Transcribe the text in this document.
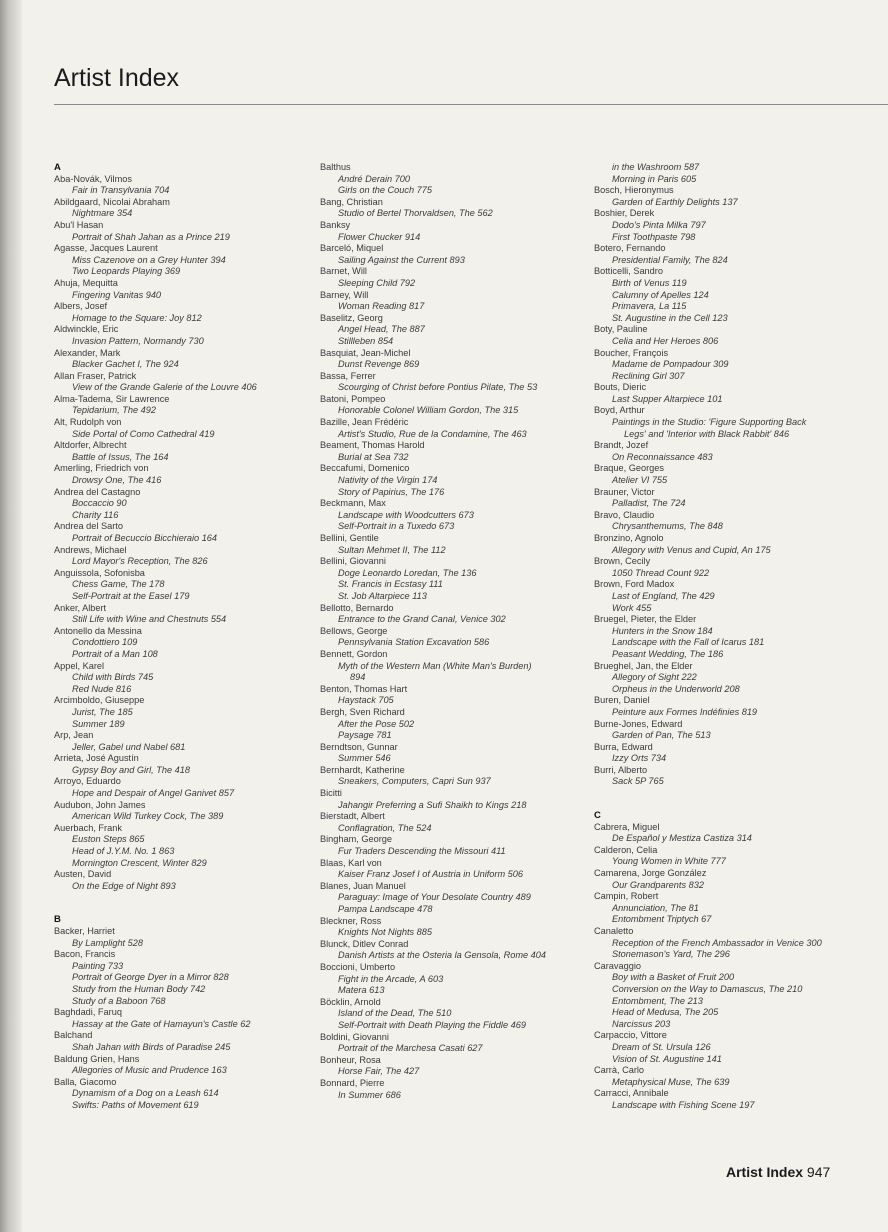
Artist Index
A
Aba-Novák, Vilmos
Fair in Transylvania 704
Abildgaard, Nicolai Abraham
Nightmare 354
Abu'l Hasan
Portrait of Shah Jahan as a Prince 219
Agasse, Jacques Laurent
Miss Cazenove on a Grey Hunter 394
Two Leopards Playing 369
Ahuja, Mequitta
Fingering Vanitas 940
Albers, Josef
Homage to the Square: Joy 812
Aldwinckle, Eric
Invasion Pattern, Normandy 730
Alexander, Mark
Blacker Gachet I, The 924
Allan Fraser, Patrick
View of the Grande Galerie of the Louvre 406
Alma-Tadema, Sir Lawrence
Tepidarium, The 492
Alt, Rudolph von
Side Portal of Como Cathedral 419
Altdorfer, Albrecht
Battle of Issus, The 164
Amerling, Friedrich von
Drowsy One, The 416
Andrea del Castagno
Boccaccio 90
Charity 116
Andrea del Sarto
Portrait of Becuccio Bicchieraio 164
Andrews, Michael
Lord Mayor's Reception, The 826
Anguissola, Sofonisba
Chess Game, The 178
Self-Portrait at the Easel 179
Anker, Albert
Still Life with Wine and Chestnuts 554
Antonello da Messina
Condottiero 109
Portrait of a Man 108
Appel, Karel
Child with Birds 745
Red Nude 816
Arcimboldo, Giuseppe
Jurist, The 185
Summer 189
Arp, Jean
Jeller, Gabel und Nabel 681
Arrieta, José Agustín
Gypsy Boy and Girl, The 418
Arroyo, Eduardo
Hope and Despair of Angel Ganivet 857
Audubon, John James
American Wild Turkey Cock, The 389
Auerbach, Frank
Euston Steps 865
Head of J.Y.M. No. 1 863
Mornington Crescent, Winter 829
Austen, David
On the Edge of Night 893
B
Backer, Harriet
By Lamplight 528
Bacon, Francis
Painting 733
Portrait of George Dyer in a Mirror 828
Study from the Human Body 742
Study of a Baboon 768
Baghdadi, Faruq
Hassay at the Gate of Hamayun's Castle 62
Balchand
Shah Jahan with Birds of Paradise 245
Baldung Grien, Hans
Allegories of Music and Prudence 163
Balla, Giacomo
Dynamism of a Dog on a Leash 614
Swifts: Paths of Movement 619
Balthus
André Derain 700
Girls on the Couch 775
Bang, Christian
Studio of Bertel Thorvaldsen, The 562
Banksy
Flower Chucker 914
Barceló, Miquel
Sailing Against the Current 893
Barnet, Will
Sleeping Child 792
Barney, Will
Woman Reading 817
Baselitz, Georg
Angel Head, The 887
Stillleben 854
Basquiat, Jean-Michel
Dunst Revenge 869
Bassa, Ferrer
Scourging of Christ before Pontius Pilate, The 53
Batoni, Pompeo
Honorable Colonel William Gordon, The 315
Bazille, Jean Frédéric
Artist's Studio, Rue de la Condamine, The 463
Beament, Thomas Harold
Burial at Sea 732
Beccafumi, Domenico
Nativity of the Virgin 174
Story of Papirius, The 176
Beckmann, Max
Landscape with Woodcutters 673
Self-Portrait in a Tuxedo 673
Bellini, Gentile
Sultan Mehmet II, The 112
Bellini, Giovanni
Doge Leonardo Loredan, The 136
St. Francis in Ecstasy 111
St. Job Altarpiece 113
Bellotto, Bernardo
Entrance to the Grand Canal, Venice 302
Bellows, George
Pennsylvania Station Excavation 586
Bennett, Gordon
Myth of the Western Man (White Man's Burden)
894
Benton, Thomas Hart
Haystack 705
Bergh, Sven Richard
After the Pose 502
Paysage 781
Berndtson, Gunnar
Summer 546
Bernhardt, Katherine
Sneakers, Computers, Capri Sun 937
Bicitti
Jahangir Preferring a Sufi Shaikh to Kings 218
Bierstadt, Albert
Conflagration, The 524
Bingham, George
Fur Traders Descending the Missouri 411
Blaas, Karl von
Kaiser Franz Josef I of Austria in Uniform 506
Blanes, Juan Manuel
Paraguay: Image of Your Desolate Country 489
Pampa Landscape 478
Bleckner, Ross
Knights Not Nights 885
Blunck, Ditlev Conrad
Danish Artists at the Osteria la Gensola, Rome 404
Boccioni, Umberto
Fight in the Arcade, A 603
Matera 613
Böcklin, Arnold
Island of the Dead, The 510
Self-Portrait with Death Playing the Fiddle 469
Boldini, Giovanni
Portrait of the Marchesa Casati 627
Bonheur, Rosa
Horse Fair, The 427
Bonnard, Pierre
In Summer 686
in the Washroom 587
Morning in Paris 605
Bosch, Hieronymus
Garden of Earthly Delights 137
Boshier, Derek
Dodo's Pinta Milka 797
First Toothpaste 798
Botero, Fernando
Presidential Family, The 824
Botticelli, Sandro
Birth of Venus 119
Calumny of Apelles 124
Primavera, La 115
St. Augustine in the Cell 123
Boty, Pauline
Celia and Her Heroes 806
Boucher, François
Madame de Pompadour 309
Reclining Girl 307
Bouts, Dieric
Last Supper Altarpiece 101
Boyd, Arthur
Paintings in the Studio: 'Figure Supporting Back
Legs' and 'Interior with Black Rabbit' 846
Brandt, Jozef
On Reconnaissance 483
Braque, Georges
Atelier VI 755
Brauner, Victor
Palladist, The 724
Bravo, Claudio
Chrysanthemums, The 848
Bronzino, Agnolo
Allegory with Venus and Cupid, An 175
Brown, Cecily
1050 Thread Count 922
Brown, Ford Madox
Last of England, The 429
Work 455
Bruegel, Pieter, the Elder
Hunters in the Snow 184
Landscape with the Fall of Icarus 181
Peasant Wedding, The 186
Brueghel, Jan, the Elder
Allegory of Sight 222
Orpheus in the Underworld 208
Buren, Daniel
Peinture aux Formes Indéfinies 819
Burne-Jones, Edward
Garden of Pan, The 513
Burra, Edward
Izzy Orts 734
Burri, Alberto
Sack 5P 765
C
Cabrera, Miguel
De Español y Mestiza Castiza 314
Calderon, Celia
Young Women in White 777
Camarena, Jorge González
Our Grandparents 832
Campin, Robert
Annunciation, The 81
Entombment Triptych 67
Canaletto
Reception of the French Ambassador in Venice 300
Stonemason's Yard, The 296
Caravaggio
Boy with a Basket of Fruit 200
Conversion on the Way to Damascus, The 210
Entombment, The 213
Head of Medusa, The 205
Narcissus 203
Carpaccio, Vittore
Dream of St. Ursula 126
Vision of St. Augustine 141
Carrà, Carlo
Metaphysical Muse, The 639
Carracci, Annibale
Landscape with Fishing Scene 197
Artist Index 947
